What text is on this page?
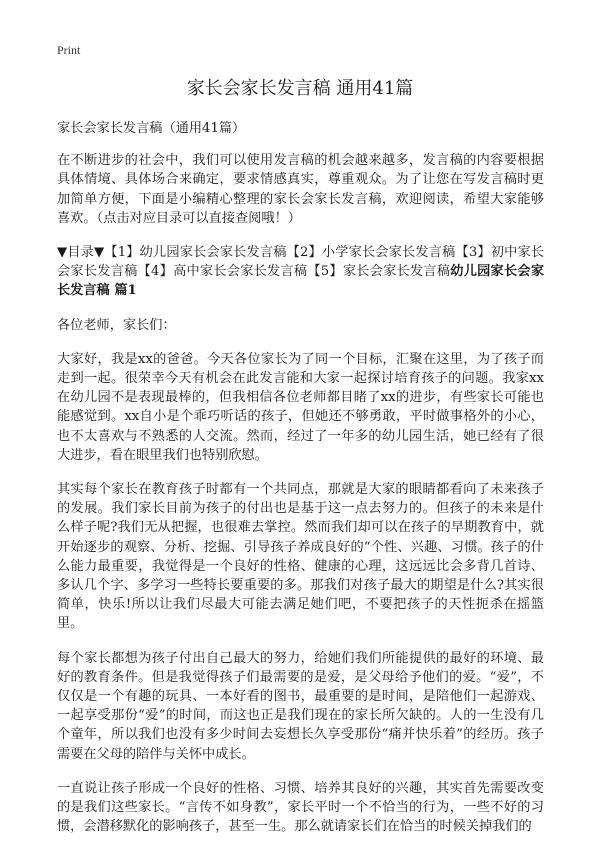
Print
家长会家长发言稿 通用41篇

家长会家长发言稿（通用41篇）

在不断进步的社会中，我们可以使用发言稿的机会越来越多，发言稿的内容要根据具体情境、具体场合来确定，要求情感真实，尊重观众。为了让您在写发言稿时更加简单方便，下面是小编精心整理的家长会家长发言稿，欢迎阅读，希望大家能够喜欢。（点击对应目录可以直接查阅哦！）

▼目录▼【1】幼儿园家长会家长发言稿【2】小学家长会家长发言稿【3】初中家长会家长发言稿【4】高中家长会家长发言稿【5】家长会家长发言稿幼儿园家长会家长发言稿 篇1

各位老师，家长们：

大家好，我是xx的爸爸。今天各位家长为了同一个目标，汇聚在这里，为了孩子而走到一起。很荣幸今天有机会在此发言能和大家一起探讨培育孩子的问题。我家xx在幼儿园不是表现最棒的，但我相信各位老师都目睹了xx的进步，有些家长可能也能感觉到。xx自小是个乖巧听话的孩子，但她还不够勇敢，平时做事格外的小心，也不太喜欢与不熟悉的人交流。然而，经过了一年多的幼儿园生活，她已经有了很大进步，看在眼里我们也特别欣慰。

其实每个家长在教育孩子时都有一个共同点，那就是大家的眼睛都看向了未来孩子的发展。我们家长目前为孩子的付出也是基于这一点去努力的。但孩子的未来是什么样子呢?我们无从把握，也很难去掌控。然而我们却可以在孩子的早期教育中，就开始逐步的观察、分析、挖掘、引导孩子养成良好的“个性、兴趣、习惯。孩子的什么能力最重要，我觉得是一个良好的性格、健康的心理，这远远比会多背几首诗、多认几个字、多学习一些特长要重要的多。那我们对孩子最大的期望是什么?其实很简单，快乐!所以让我们尽最大可能去满足她们吧，不要把孩子的天性扼杀在摇篮里。

每个家长都想为孩子付出自己最大的努力，给她们我们所能提供的最好的环境、最好的教育条件。但是我觉得孩子们最需要的是爱，是父母给予他们的爱。“爱”，不仅仅是一个有趣的玩具、一本好看的图书，最重要的是时间，是陪他们一起游戏、一起享受那份“爱”的时间，而这也正是我们现在的家长所欠缺的。人的一生没有几个童年，所以我们也没有多少时间去妄想长久享受那份“痛并快乐着”的经历。孩子需要在父母的陪伴与关怀中成长。

一直说让孩子形成一个良好的性格、习惯、培养其良好的兴趣，其实首先需要改变的是我们这些家长。“言传不如身教”，家长平时一个不恰当的行为，一些不好的习惯，会潜移默化的影响孩子，甚至一生。那么就请家长们在恰当的时候关掉我们的
